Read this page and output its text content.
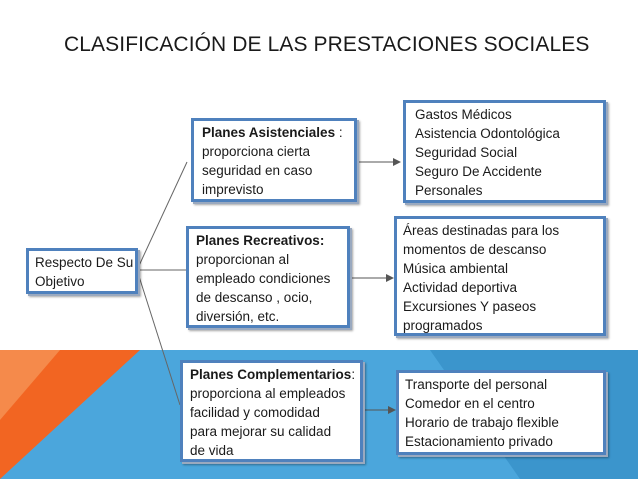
CLASIFICACIÓN DE LAS PRESTACIONES SOCIALES
Respecto De Su
Objetivo
Planes Asistenciales :
proporciona cierta
seguridad en caso
imprevisto
Gastos Médicos
Asistencia Odontológica
Seguridad Social
Seguro De Accidente
Personales
Planes Recreativos:
proporcionan al
empleado condiciones
de descanso , ocio,
diversión, etc.
Áreas destinadas para los
momentos de descanso
Música ambiental
Actividad deportiva
Excursiones Y paseos
programados
Planes Complementarios:
proporciona al empleados
facilidad y comodidad
para mejorar su calidad
de vida
Transporte del personal
Comedor en el centro
Horario de trabajo flexible
Estacionamiento privado
